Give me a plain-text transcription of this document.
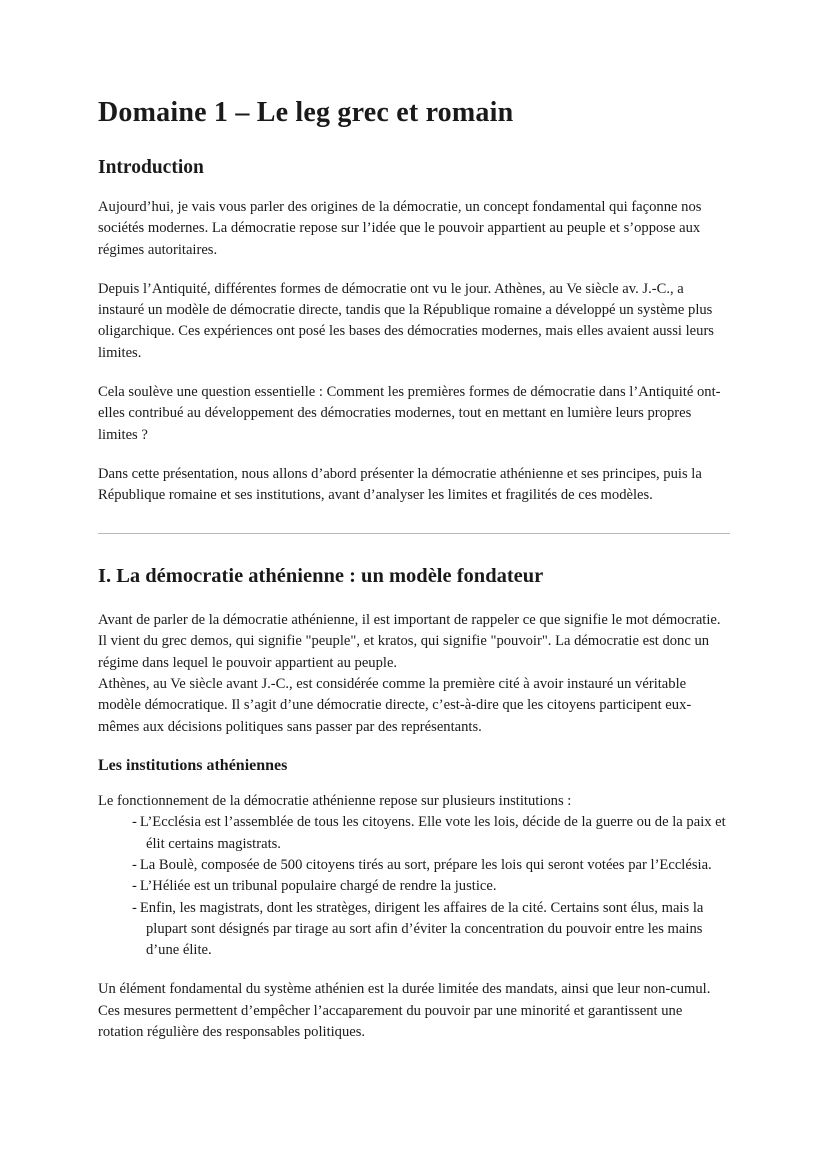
Domaine 1 – Le leg grec et romain
Introduction

Aujourd’hui, je vais vous parler des origines de la démocratie, un concept fondamental qui façonne nos sociétés modernes. La démocratie repose sur l’idée que le pouvoir appartient au peuple et s’oppose aux régimes autoritaires.

Depuis l’Antiquité, différentes formes de démocratie ont vu le jour. Athènes, au Ve siècle av. J.-C., a instauré un modèle de démocratie directe, tandis que la République romaine a développé un système plus oligarchique. Ces expériences ont posé les bases des démocraties modernes, mais elles avaient aussi leurs limites.

Cela soulève une question essentielle : Comment les premières formes de démocratie dans l’Antiquité ont-elles contribué au développement des démocraties modernes, tout en mettant en lumière leurs propres limites ?

Dans cette présentation, nous allons d’abord présenter la démocratie athénienne et ses principes, puis la République romaine et ses institutions, avant d’analyser les limites et fragilités de ces modèles.

I. La démocratie athénienne : un modèle fondateur

Avant de parler de la démocratie athénienne, il est important de rappeler ce que signifie le mot démocratie. Il vient du grec demos, qui signifie "peuple", et kratos, qui signifie "pouvoir". La démocratie est donc un régime dans lequel le pouvoir appartient au peuple.

Athènes, au Ve siècle avant J.-C., est considérée comme la première cité à avoir instauré un véritable modèle démocratique. Il s’agit d’une démocratie directe, c’est-à-dire que les citoyens participent eux-mêmes aux décisions politiques sans passer par des représentants.

Les institutions athéniennes

Le fonctionnement de la démocratie athénienne repose sur plusieurs institutions :

- L’Ecclésia est l’assemblée de tous les citoyens. Elle vote les lois, décide de la guerre ou de la paix et élit certains magistrats.

- La Boulè, composée de 500 citoyens tirés au sort, prépare les lois qui seront votées par l’Ecclésia.

- L’Héliée est un tribunal populaire chargé de rendre la justice.

- Enfin, les magistrats, dont les stratèges, dirigent les affaires de la cité. Certains sont élus, mais la plupart sont désignés par tirage au sort afin d’éviter la concentration du pouvoir entre les mains d’une élite.

Un élément fondamental du système athénien est la durée limitée des mandats, ainsi que leur non-cumul. Ces mesures permettent d’empêcher l’accaparement du pouvoir par une minorité et garantissent une rotation régulière des responsables politiques.
